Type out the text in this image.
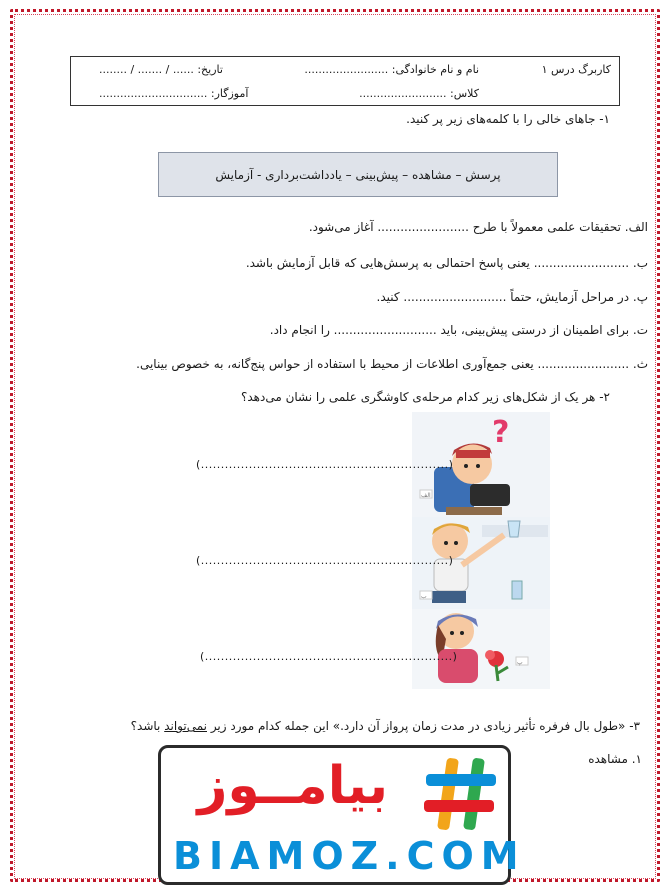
کاربرگ درس ۱
نام و نام خانوادگی: ........................
تاریخ: ...... / ....... / ........
کلاس: .........................
آموزگار: ...............................
۱- جاهای خالی را با کلمه‌های زیر پر کنید.
پرسش – مشاهده – پیش‌بینی – یادداشت‌برداری - آزمایش
الف. تحقیقات علمی معمولاً با طرح ........................ آغاز می‌شود.
ب. ......................... یعنی پاسخ احتمالی به پرسش‌هایی که قابل آزمایش باشد.
پ. در مراحل آزمایش، حتماً ........................... کنید.
ت. برای اطمینان از درستی پیش‌بینی، باید ........................... را انجام داد.
ث. ........................ یعنی جمع‌آوری اطلاعات از محیط با استفاده از حواس پنج‌گانه، به خصوص بینایی.
۲- هر یک از شکل‌های زیر کدام مرحله‌ی کاوشگری علمی را نشان می‌دهد؟
?
الف
(..............................................................)
ب
(..............................................................)
پ
(..............................................................)
۳- «طول بال فرفره تأثیر زیادی در مدت زمان پرواز آن دارد.» این جمله کدام مورد زیر نمی‌تواند باشد؟
۱. مشاهده
بیامــوز
BIAMOZ.COM
